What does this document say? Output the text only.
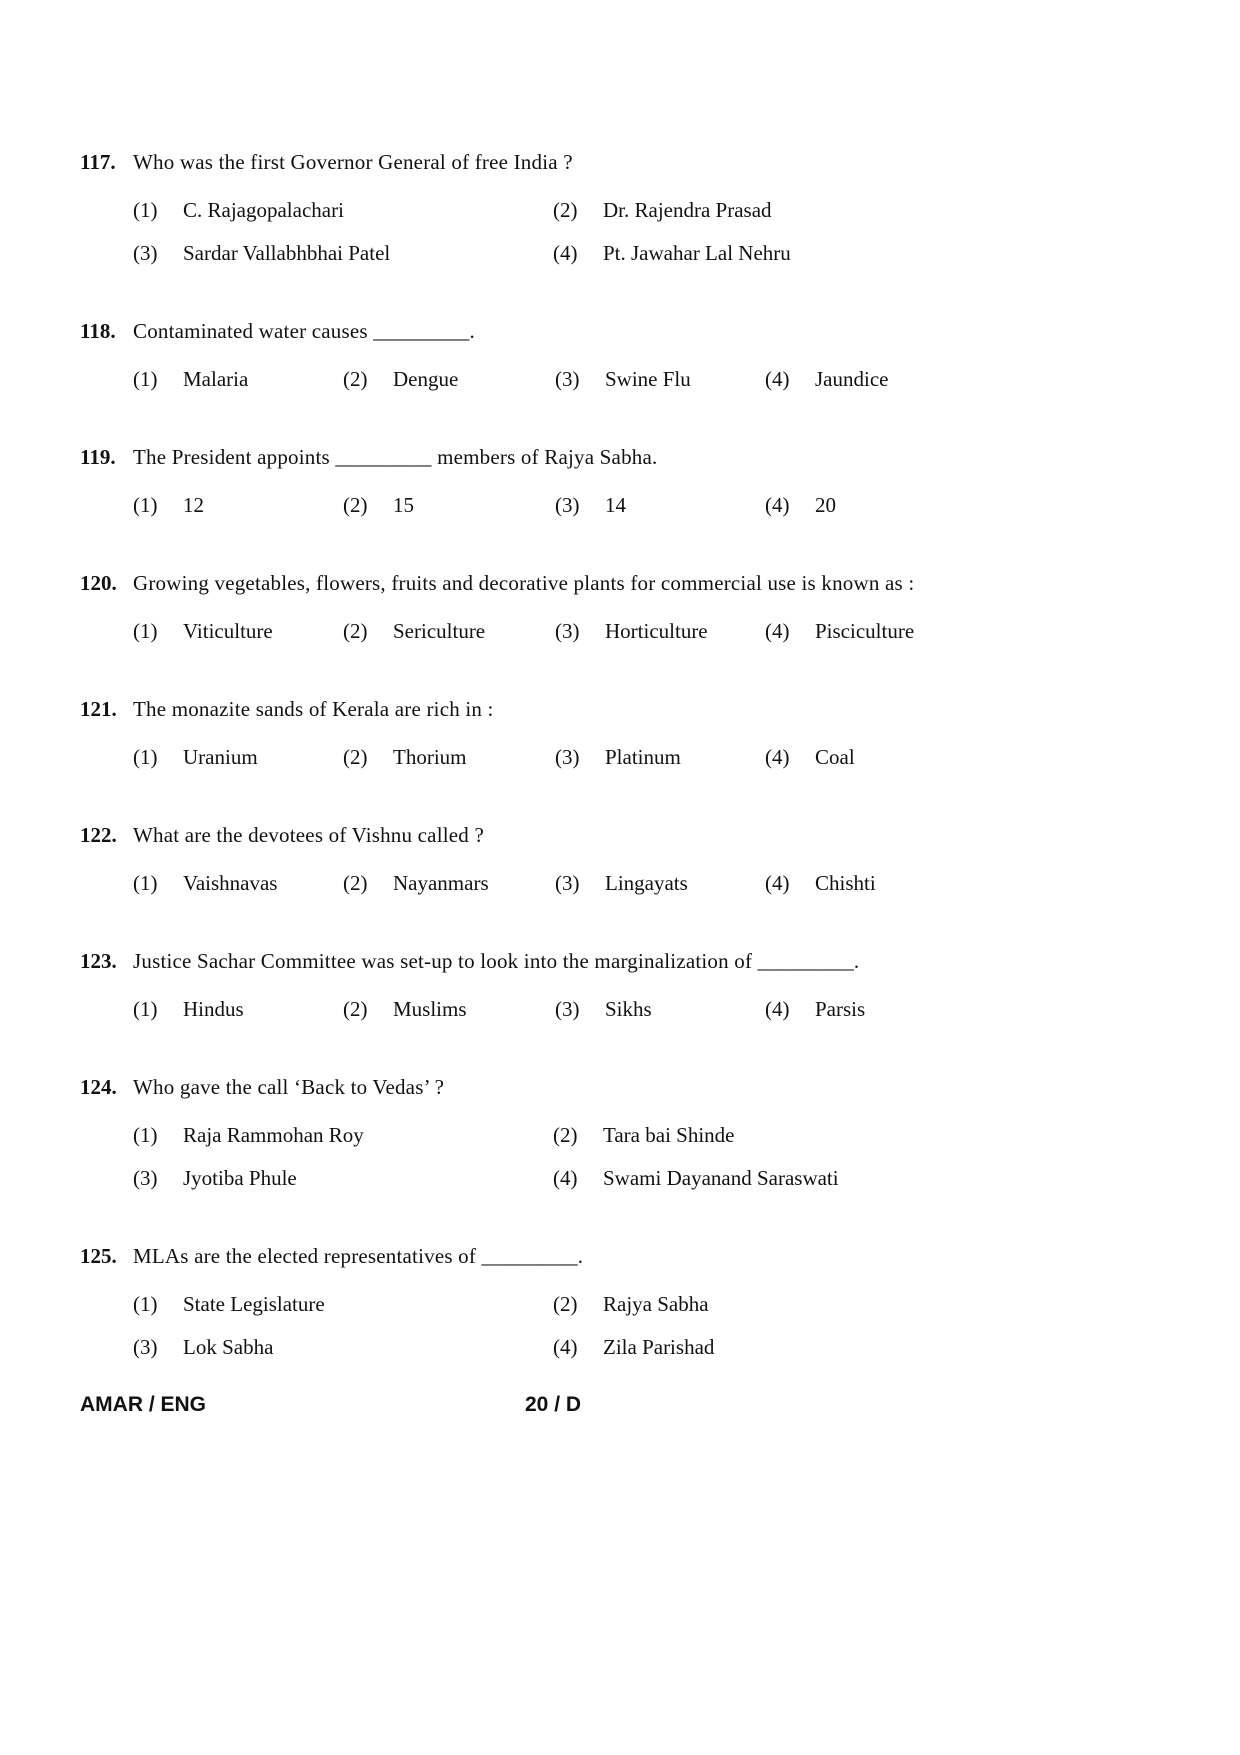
117. Who was the first Governor General of free India ?
(1)	C. Rajagopalachari	(2)	Dr. Rajendra Prasad
(3)	Sardar Vallabhbhai Patel	(4)	Pt. Jawahar Lal Nehru
118. Contaminated water causes _________.
(1)	Malaria	(2)	Dengue	(3)	Swine Flu	(4)	Jaundice
119. The President appoints _________ members of Rajya Sabha.
(1)	12	(2)	15	(3)	14	(4)	20
120. Growing vegetables, flowers, fruits and decorative plants for commercial use is known as :
(1)	Viticulture	(2)	Sericulture	(3)	Horticulture	(4)	Pisciculture
121. The monazite sands of Kerala are rich in :
(1)	Uranium	(2)	Thorium	(3)	Platinum	(4)	Coal
122. What are the devotees of Vishnu called ?
(1)	Vaishnavas	(2)	Nayanmars	(3)	Lingayats	(4)	Chishti
123. Justice Sachar Committee was set-up to look into the marginalization of _________.
(1)	Hindus	(2)	Muslims	(3)	Sikhs	(4)	Parsis
124. Who gave the call ‘Back to Vedas’ ?
(1)	Raja Rammohan Roy	(2)	Tara bai Shinde
(3)	Jyotiba Phule	(4)	Swami Dayanand Saraswati
125. MLAs are the elected representatives of _________.
(1)	State Legislature	(2)	Rajya Sabha
(3)	Lok Sabha	(4)	Zila Parishad
AMAR / ENG	20 / D
